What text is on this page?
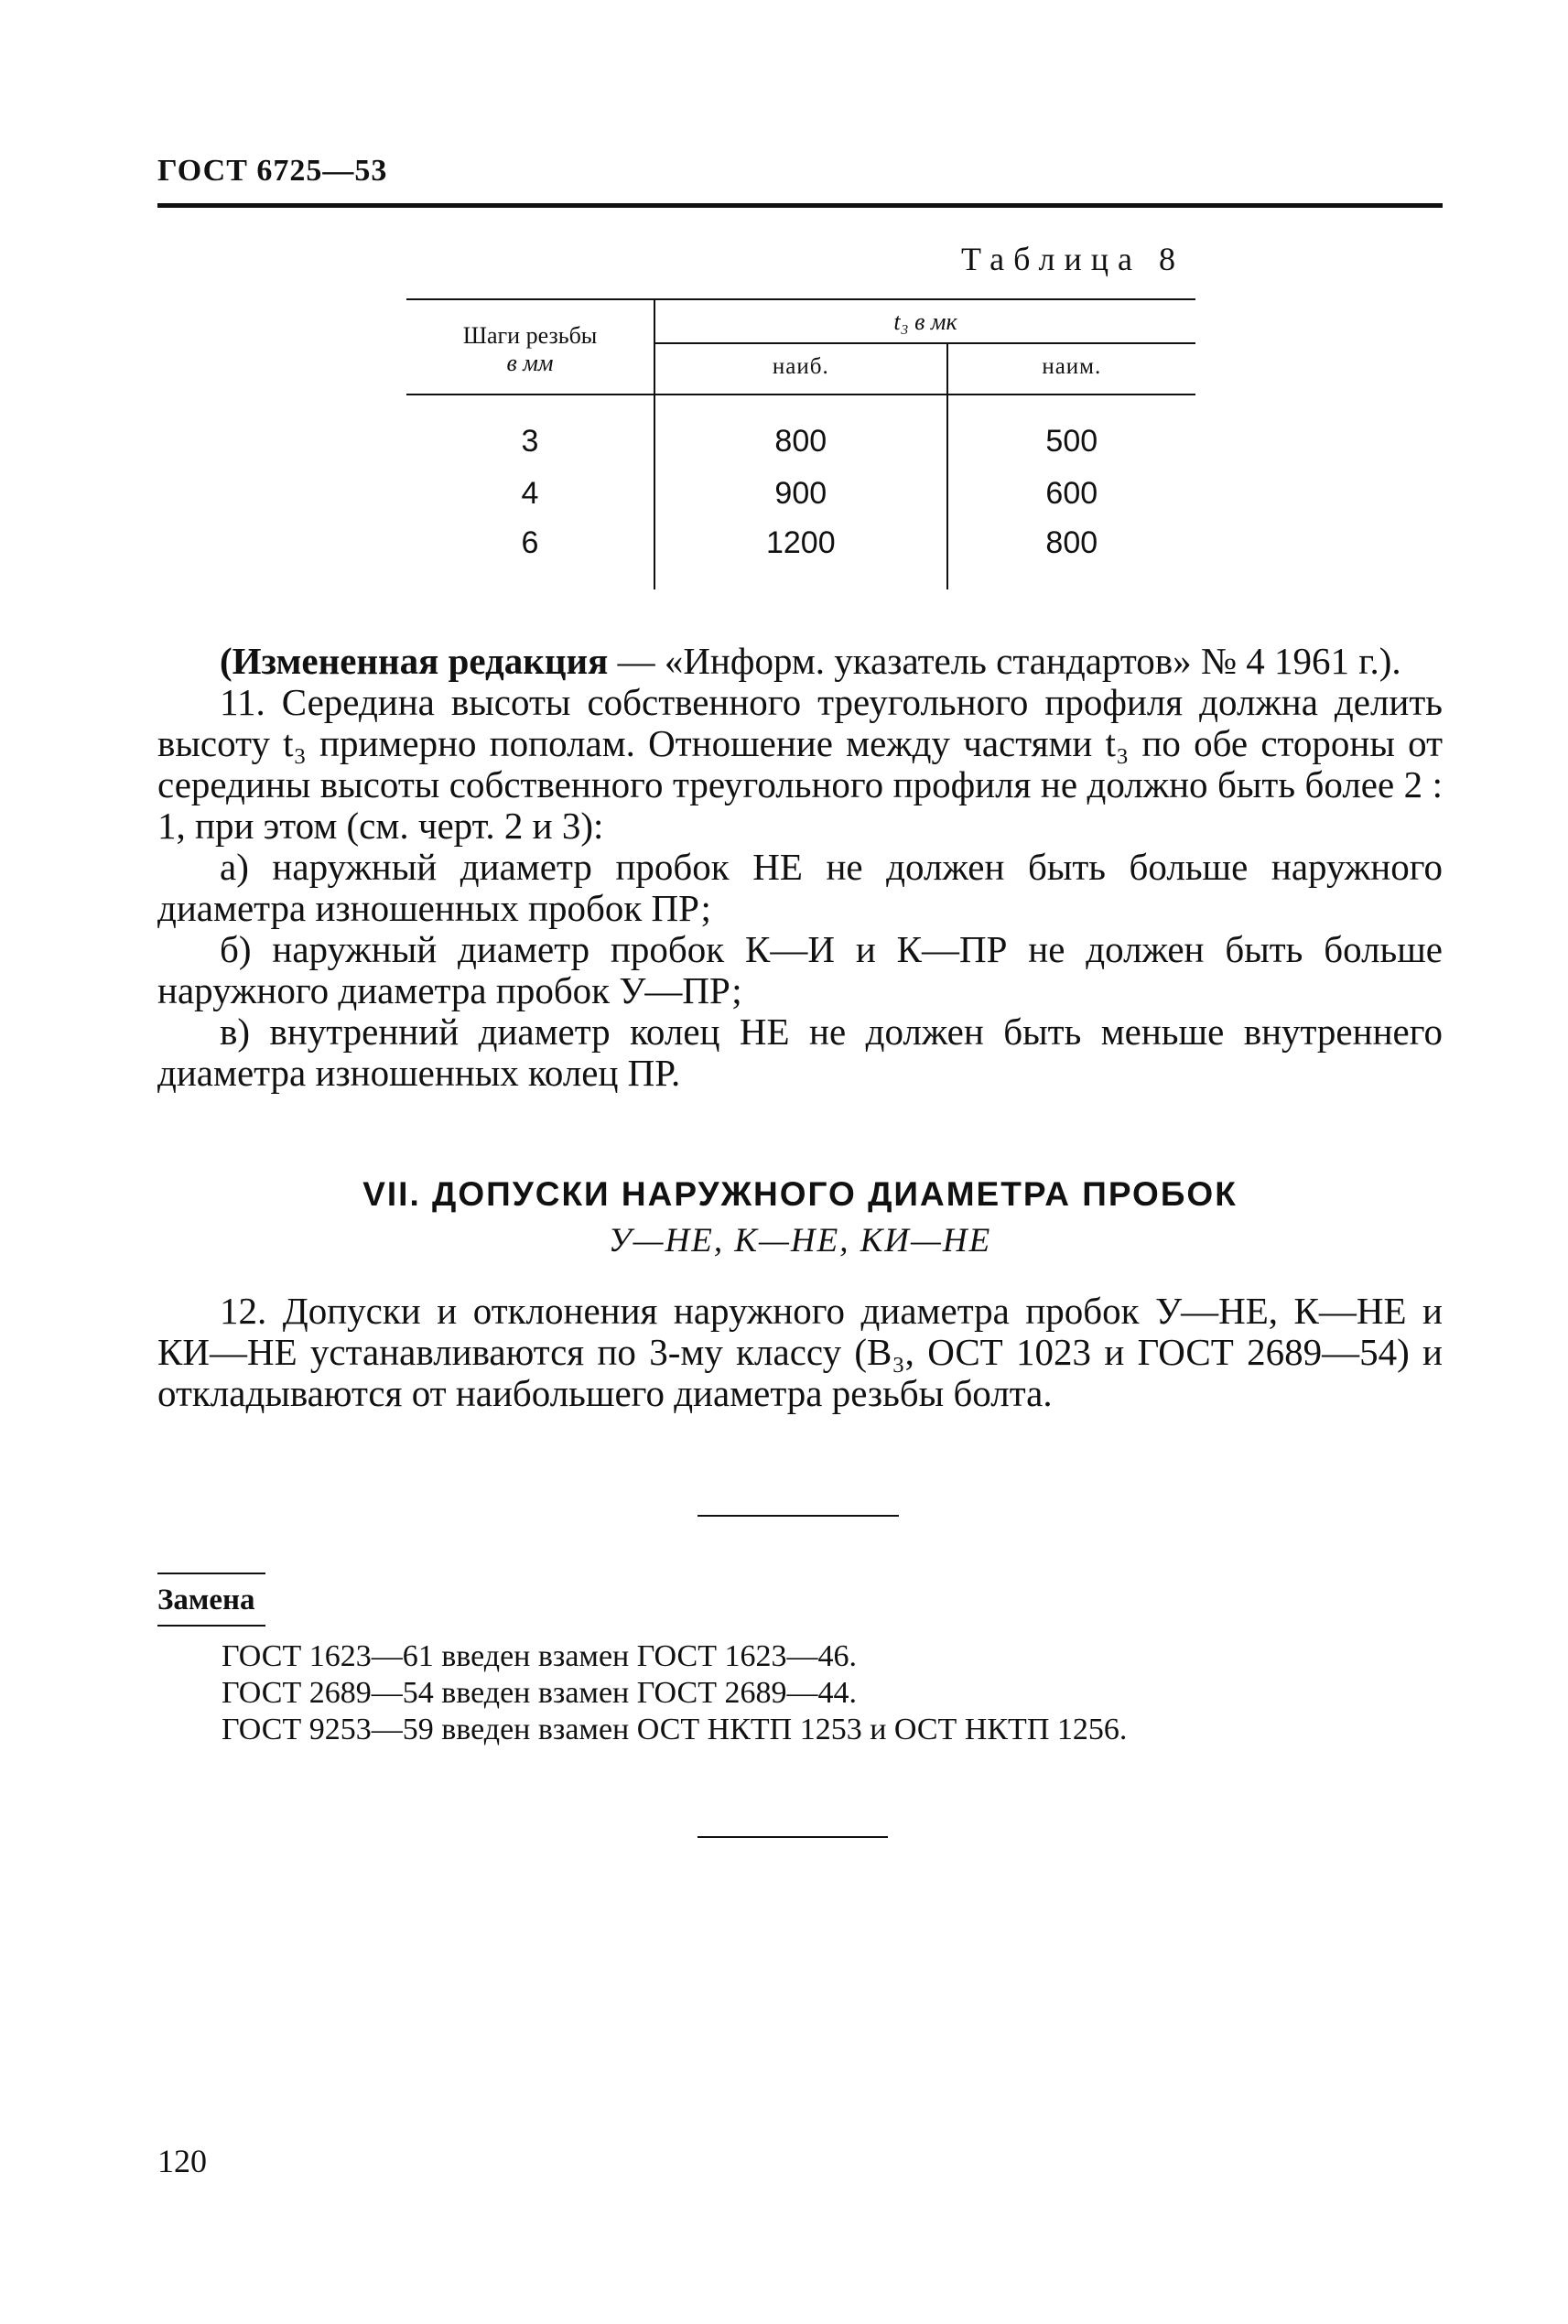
ГОСТ 6725—53
Таблица 8
Шаги резьбы
в мм	t₃ в мк	
	наиб.	наим.
3	800	500
4	900	600
6	1200	800

(Измененная редакция — «Информ. указатель стандартов» № 4 1961 г.).

11. Середина высоты собственного треугольного профиля должна делить высоту t₃ примерно пополам. Отношение между частями t₃ по обе стороны от середины высоты собственного треугольного профиля не должно быть более 2 : 1, при этом (см. черт. 2 и 3):

а) наружный диаметр пробок НЕ не должен быть больше наружного диаметра изношенных пробок ПР;

б) наружный диаметр пробок К—И и К—ПР не должен быть больше наружного диаметра пробок У—ПР;

в) внутренний диаметр колец НЕ не должен быть меньше внутреннего диаметра изношенных колец ПР.

VII. ДОПУСКИ НАРУЖНОГО ДИАМЕТРА ПРОБОК
У—НЕ, К—НЕ, КИ—НЕ

12. Допуски и отклонения наружного диаметра пробок У—НЕ, К—НЕ и КИ—НЕ устанавливаются по 3-му классу (В₃, ОСТ 1023 и ГОСТ 2689—54) и откладываются от наибольшего диаметра резьбы болта.

Замена
ГОСТ 1623—61 введен взамен ГОСТ 1623—46.
ГОСТ 2689—54 введен взамен ГОСТ 2689—44.
ГОСТ 9253—59 введен взамен ОСТ НКТП 1253 и ОСТ НКТП 1256.
120
